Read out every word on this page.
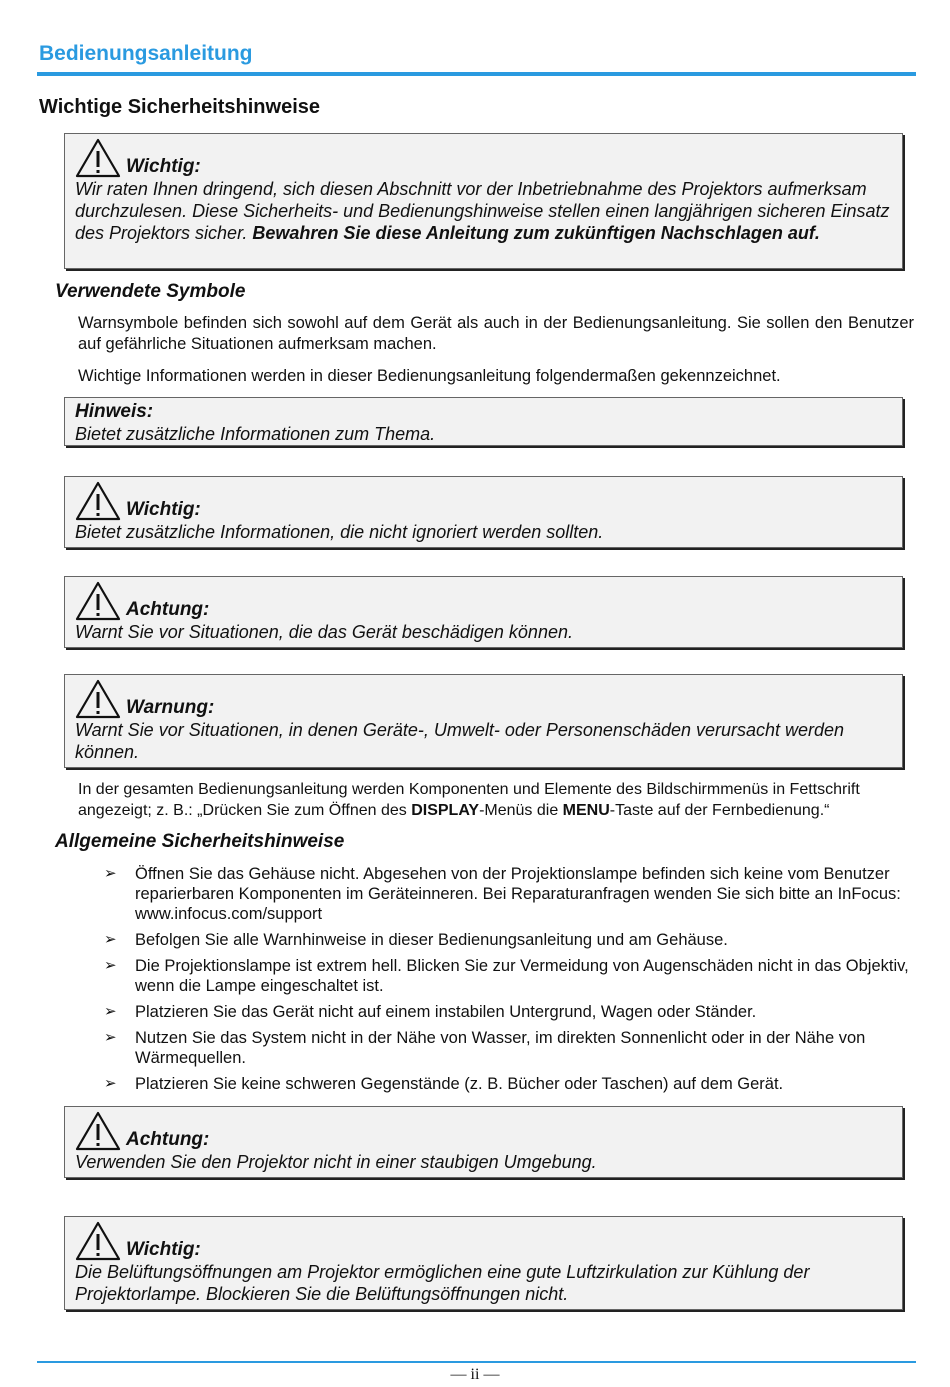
Bedienungsanleitung
Wichtige Sicherheitshinweise
Wichtig:
Wir raten Ihnen dringend, sich diesen Abschnitt vor der Inbetriebnahme des Projektors aufmerksam durchzulesen. Diese Sicherheits- und Bedienungshinweise stellen einen langjährigen sicheren Einsatz des Projektors sicher. Bewahren Sie diese Anleitung zum zukünftigen Nachschlagen auf.
Verwendete Symbole
Warnsymbole befinden sich sowohl auf dem Gerät als auch in der Bedienungsanleitung. Sie sollen den Benutzer auf gefährliche Situationen aufmerksam machen.
Wichtige Informationen werden in dieser Bedienungsanleitung folgendermaßen gekennzeichnet.
Hinweis:
Bietet zusätzliche Informationen zum Thema.
Wichtig:
Bietet zusätzliche Informationen, die nicht ignoriert werden sollten.
Achtung:
Warnt Sie vor Situationen, die das Gerät beschädigen können.
Warnung:
Warnt Sie vor Situationen, in denen Geräte-, Umwelt- oder Personenschäden verursacht werden können.
In der gesamten Bedienungsanleitung werden Komponenten und Elemente des Bildschirmmenüs in Fettschrift angezeigt; z. B.: „Drücken Sie zum Öffnen des DISPLAY-Menüs die MENU-Taste auf der Fernbedienung.“
Allgemeine Sicherheitshinweise
➢ Öffnen Sie das Gehäuse nicht. Abgesehen von der Projektionslampe befinden sich keine vom Benutzer reparierbaren Komponenten im Geräteinneren. Bei Reparaturanfragen wenden Sie sich bitte an InFocus: www.infocus.com/support
➢ Befolgen Sie alle Warnhinweise in dieser Bedienungsanleitung und am Gehäuse.
➢ Die Projektionslampe ist extrem hell. Blicken Sie zur Vermeidung von Augenschäden nicht in das Objektiv, wenn die Lampe eingeschaltet ist.
➢ Platzieren Sie das Gerät nicht auf einem instabilen Untergrund, Wagen oder Ständer.
➢ Nutzen Sie das System nicht in der Nähe von Wasser, im direkten Sonnenlicht oder in der Nähe von Wärmequellen.
➢ Platzieren Sie keine schweren Gegenstände (z. B. Bücher oder Taschen) auf dem Gerät.
Achtung:
Verwenden Sie den Projektor nicht in einer staubigen Umgebung.
Wichtig:
Die Belüftungsöffnungen am Projektor ermöglichen eine gute Luftzirkulation zur Kühlung der Projektorlampe. Blockieren Sie die Belüftungsöffnungen nicht.
— ii —
